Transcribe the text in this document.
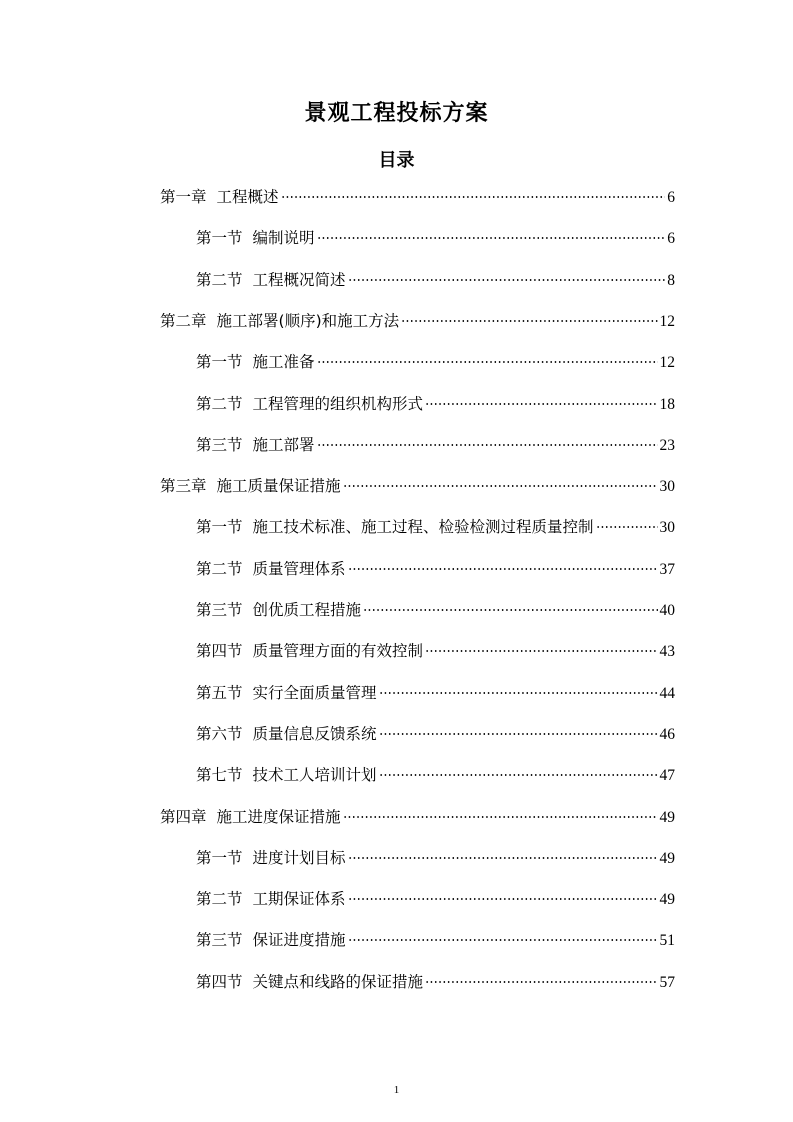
景观工程投标方案
目录
第一章 工程概述	6
第一节 编制说明	6
第二节 工程概况简述	8
第二章 施工部署(顺序)和施工方法	12
第一节 施工准备	12
第二节 工程管理的组织机构形式	18
第三节 施工部署	23
第三章 施工质量保证措施	30
第一节 施工技术标准、施工过程、检验检测过程质量控制	30
第二节 质量管理体系	37
第三节 创优质工程措施	40
第四节 质量管理方面的有效控制	43
第五节 实行全面质量管理	44
第六节 质量信息反馈系统	46
第七节 技术工人培训计划	47
第四章 施工进度保证措施	49
第一节 进度计划目标	49
第二节 工期保证体系	49
第三节 保证进度措施	51
第四节 关键点和线路的保证措施	57
1
